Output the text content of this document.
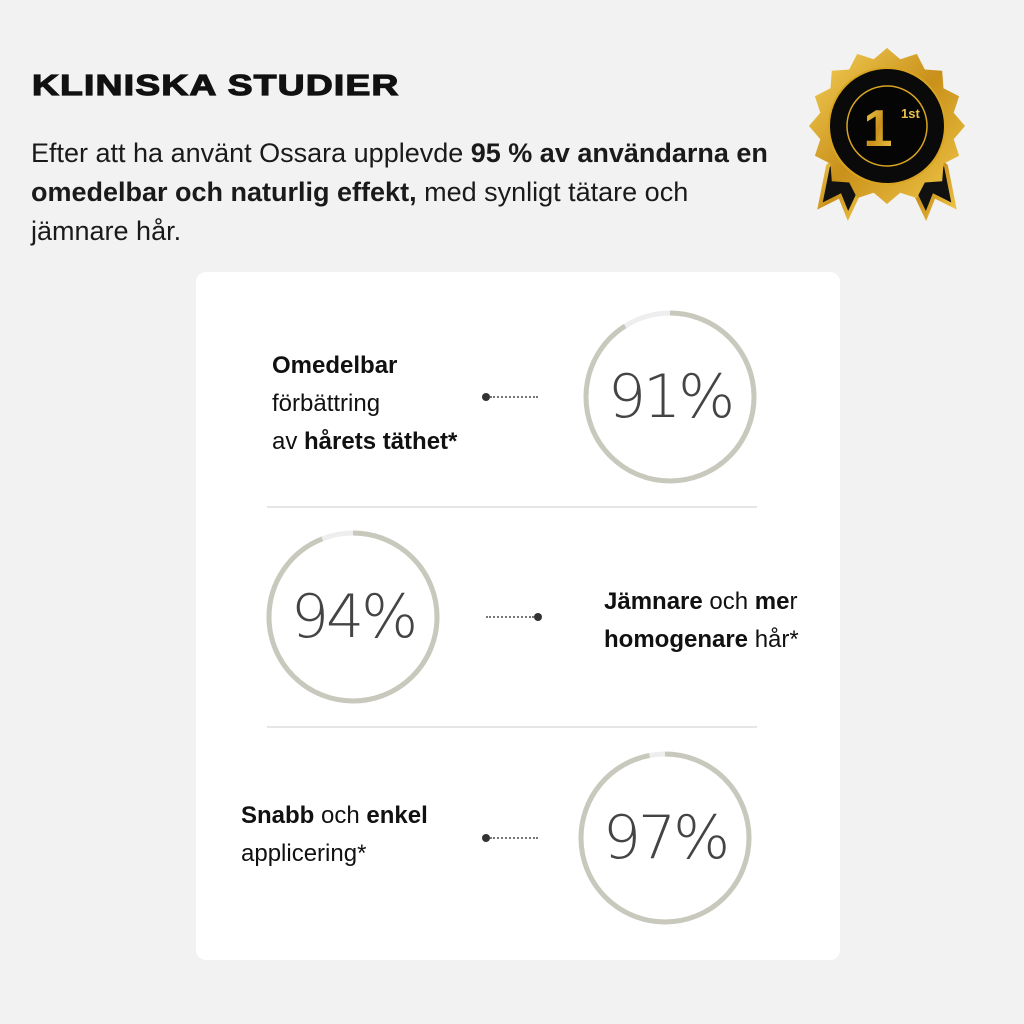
KLINISKA STUDIER

Efter att ha använt Ossara upplevde 95 % av användarna en omedelbar och naturlig effekt, med synligt tätare och jämnare hår.

1 1st
91%
Omedelbar
förbättring
av hårets täthet*
94%	Jämnare och mer
homogenare hår*
97%
Snabb och enkel
applicering*
